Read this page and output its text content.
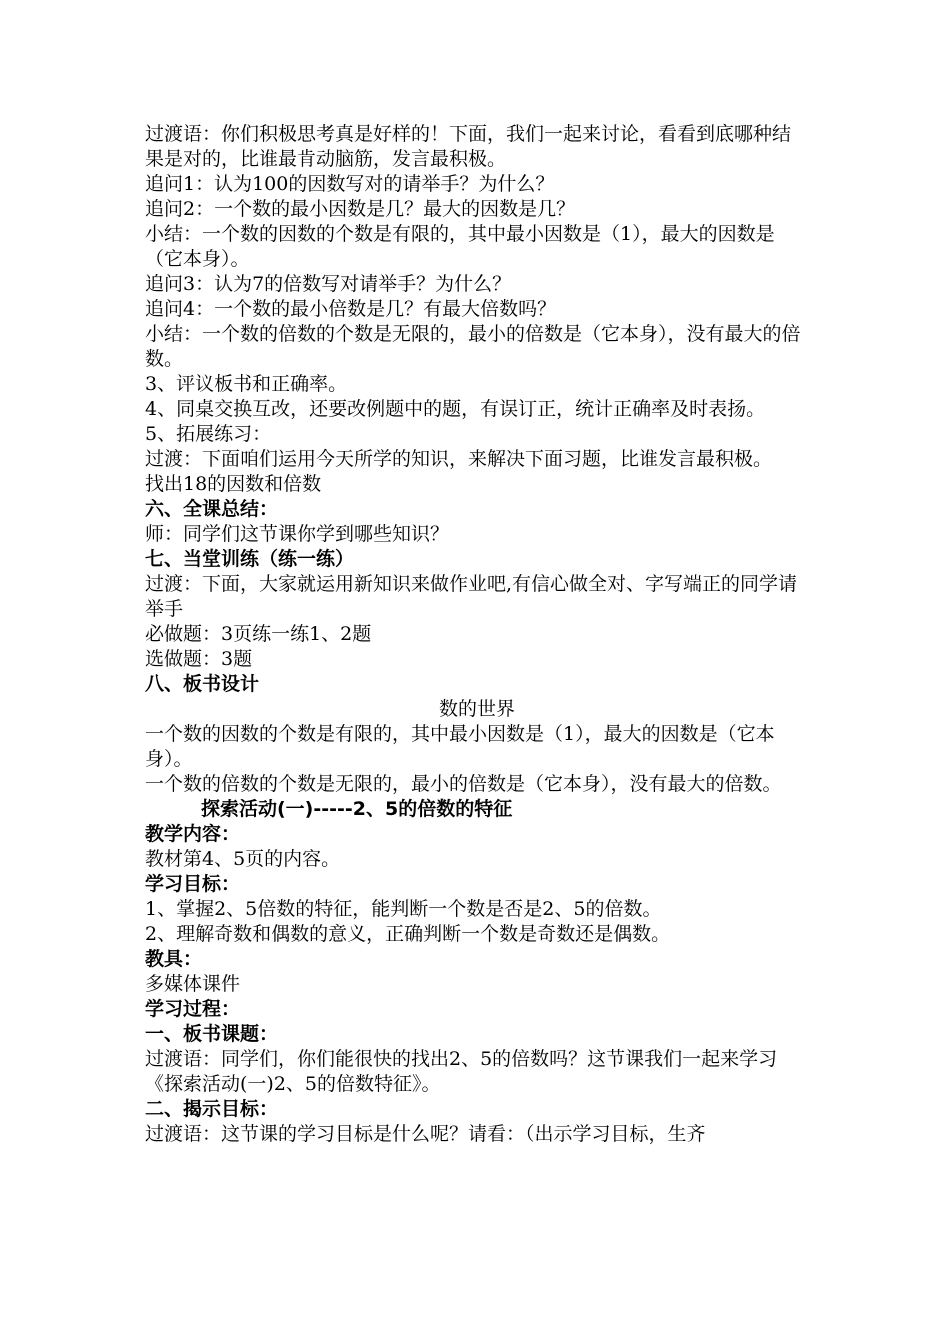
过渡语：你们积极思考真是好样的！下面，我们一起来讨论，看看到底哪种结果是对的，比谁最肯动脑筋，发言最积极。
追问1：认为100的因数写对的请举手？为什么？
追问2：一个数的最小因数是几？最大的因数是几？
小结：一个数的因数的个数是有限的，其中最小因数是（1），最大的因数是（它本身）。
追问3：认为7的倍数写对请举手？为什么？
追问4：一个数的最小倍数是几？有最大倍数吗？
小结：一个数的倍数的个数是无限的，最小的倍数是（它本身），没有最大的倍数。
3、评议板书和正确率。
4、同桌交换互改，还要改例题中的题，有误订正，统计正确率及时表扬。
5、拓展练习：
过渡：下面咱们运用今天所学的知识，来解决下面习题，比谁发言最积极。
找出18的因数和倍数
六、全课总结：
师：同学们这节课你学到哪些知识？
七、当堂训练（练一练）
过渡：下面，大家就运用新知识来做作业吧,有信心做全对、字写端正的同学请举手
必做题：3页练一练1、2题
选做题：3题
八、板书设计
数的世界
一个数的因数的个数是有限的，其中最小因数是（1），最大的因数是（它本身）。
一个数的倍数的个数是无限的，最小的倍数是（它本身），没有最大的倍数。
探索活动(一)-----2、5的倍数的特征
教学内容：
教材第4、5页的内容。
学习目标：
1、掌握2、5倍数的特征，能判断一个数是否是2、5的倍数。
2、理解奇数和偶数的意义，正确判断一个数是奇数还是偶数。
教具：
多媒体课件
学习过程：
一、板书课题：
过渡语：同学们，你们能很快的找出2、5的倍数吗？这节课我们一起来学习《探索活动(一)2、5的倍数特征》。
二、揭示目标：
过渡语：这节课的学习目标是什么呢？请看：（出示学习目标，生齐
